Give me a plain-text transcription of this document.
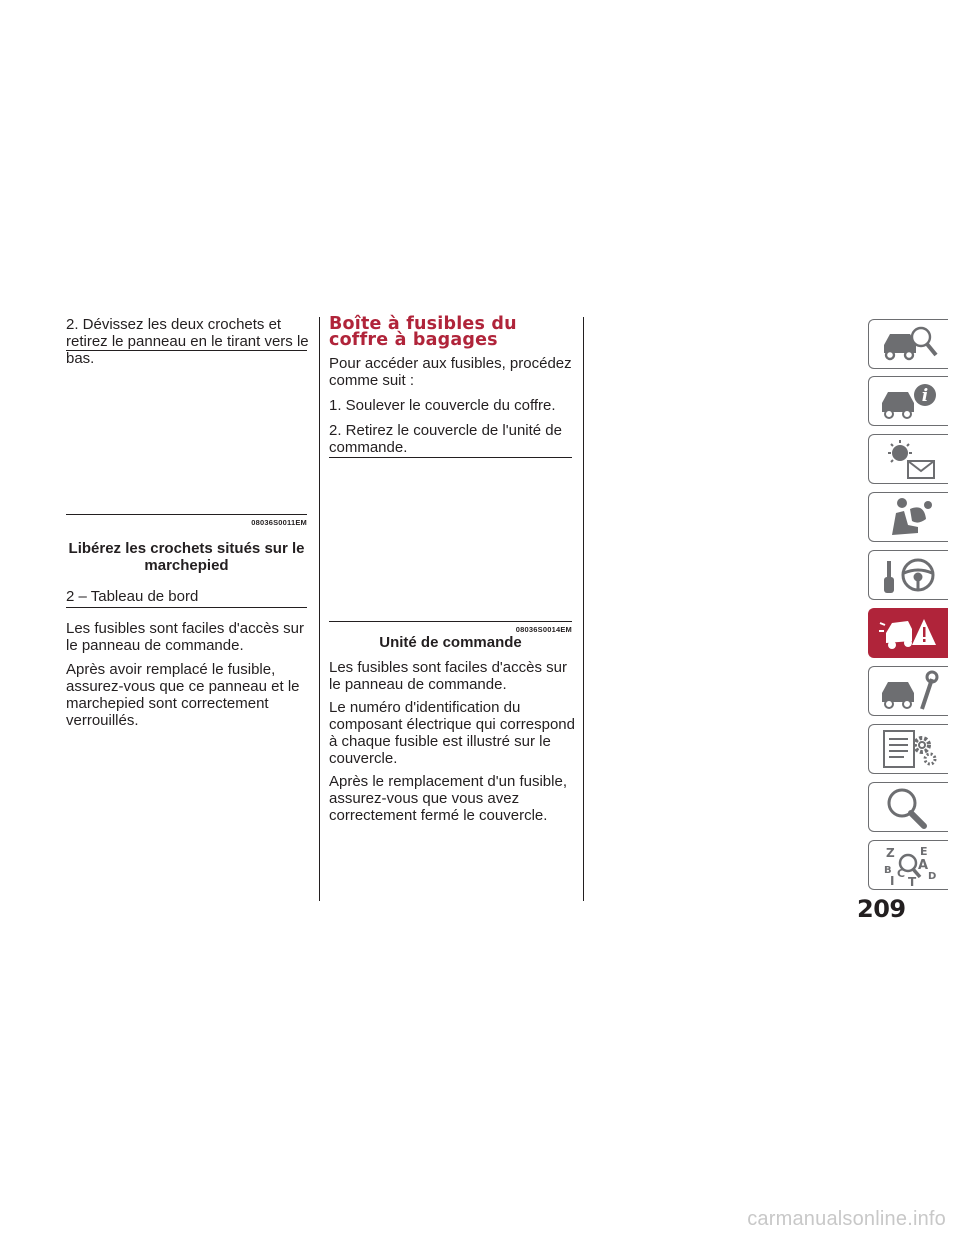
2. Dévissez les deux crochets et retirez le panneau en le tirant vers le bas.

08036S0011EM
Libérez les crochets situés sur le marchepied
2 – Tableau de bord

Les fusibles sont faciles d'accès sur le panneau de commande.

Après avoir remplacé le fusible, assurez-vous que ce panneau et le marchepied sont correctement verrouillés.

Boîte à fusibles du coffre à bagages

Pour accéder aux fusibles, procédez comme suit :

1. Soulever le couvercle du coffre.

2. Retirez le couvercle de l'unité de commande.

08036S0014EM
Unité de commande

Les fusibles sont faciles d'accès sur le panneau de commande.

Le numéro d'identification du composant électrique qui correspond à chaque fusible est illustré sur le couvercle.

Après le remplacement d'un fusible, assurez-vous que vous avez correctement fermé le couvercle.

i
Z E
A
B C D
I T
209
carmanualsonline.info
